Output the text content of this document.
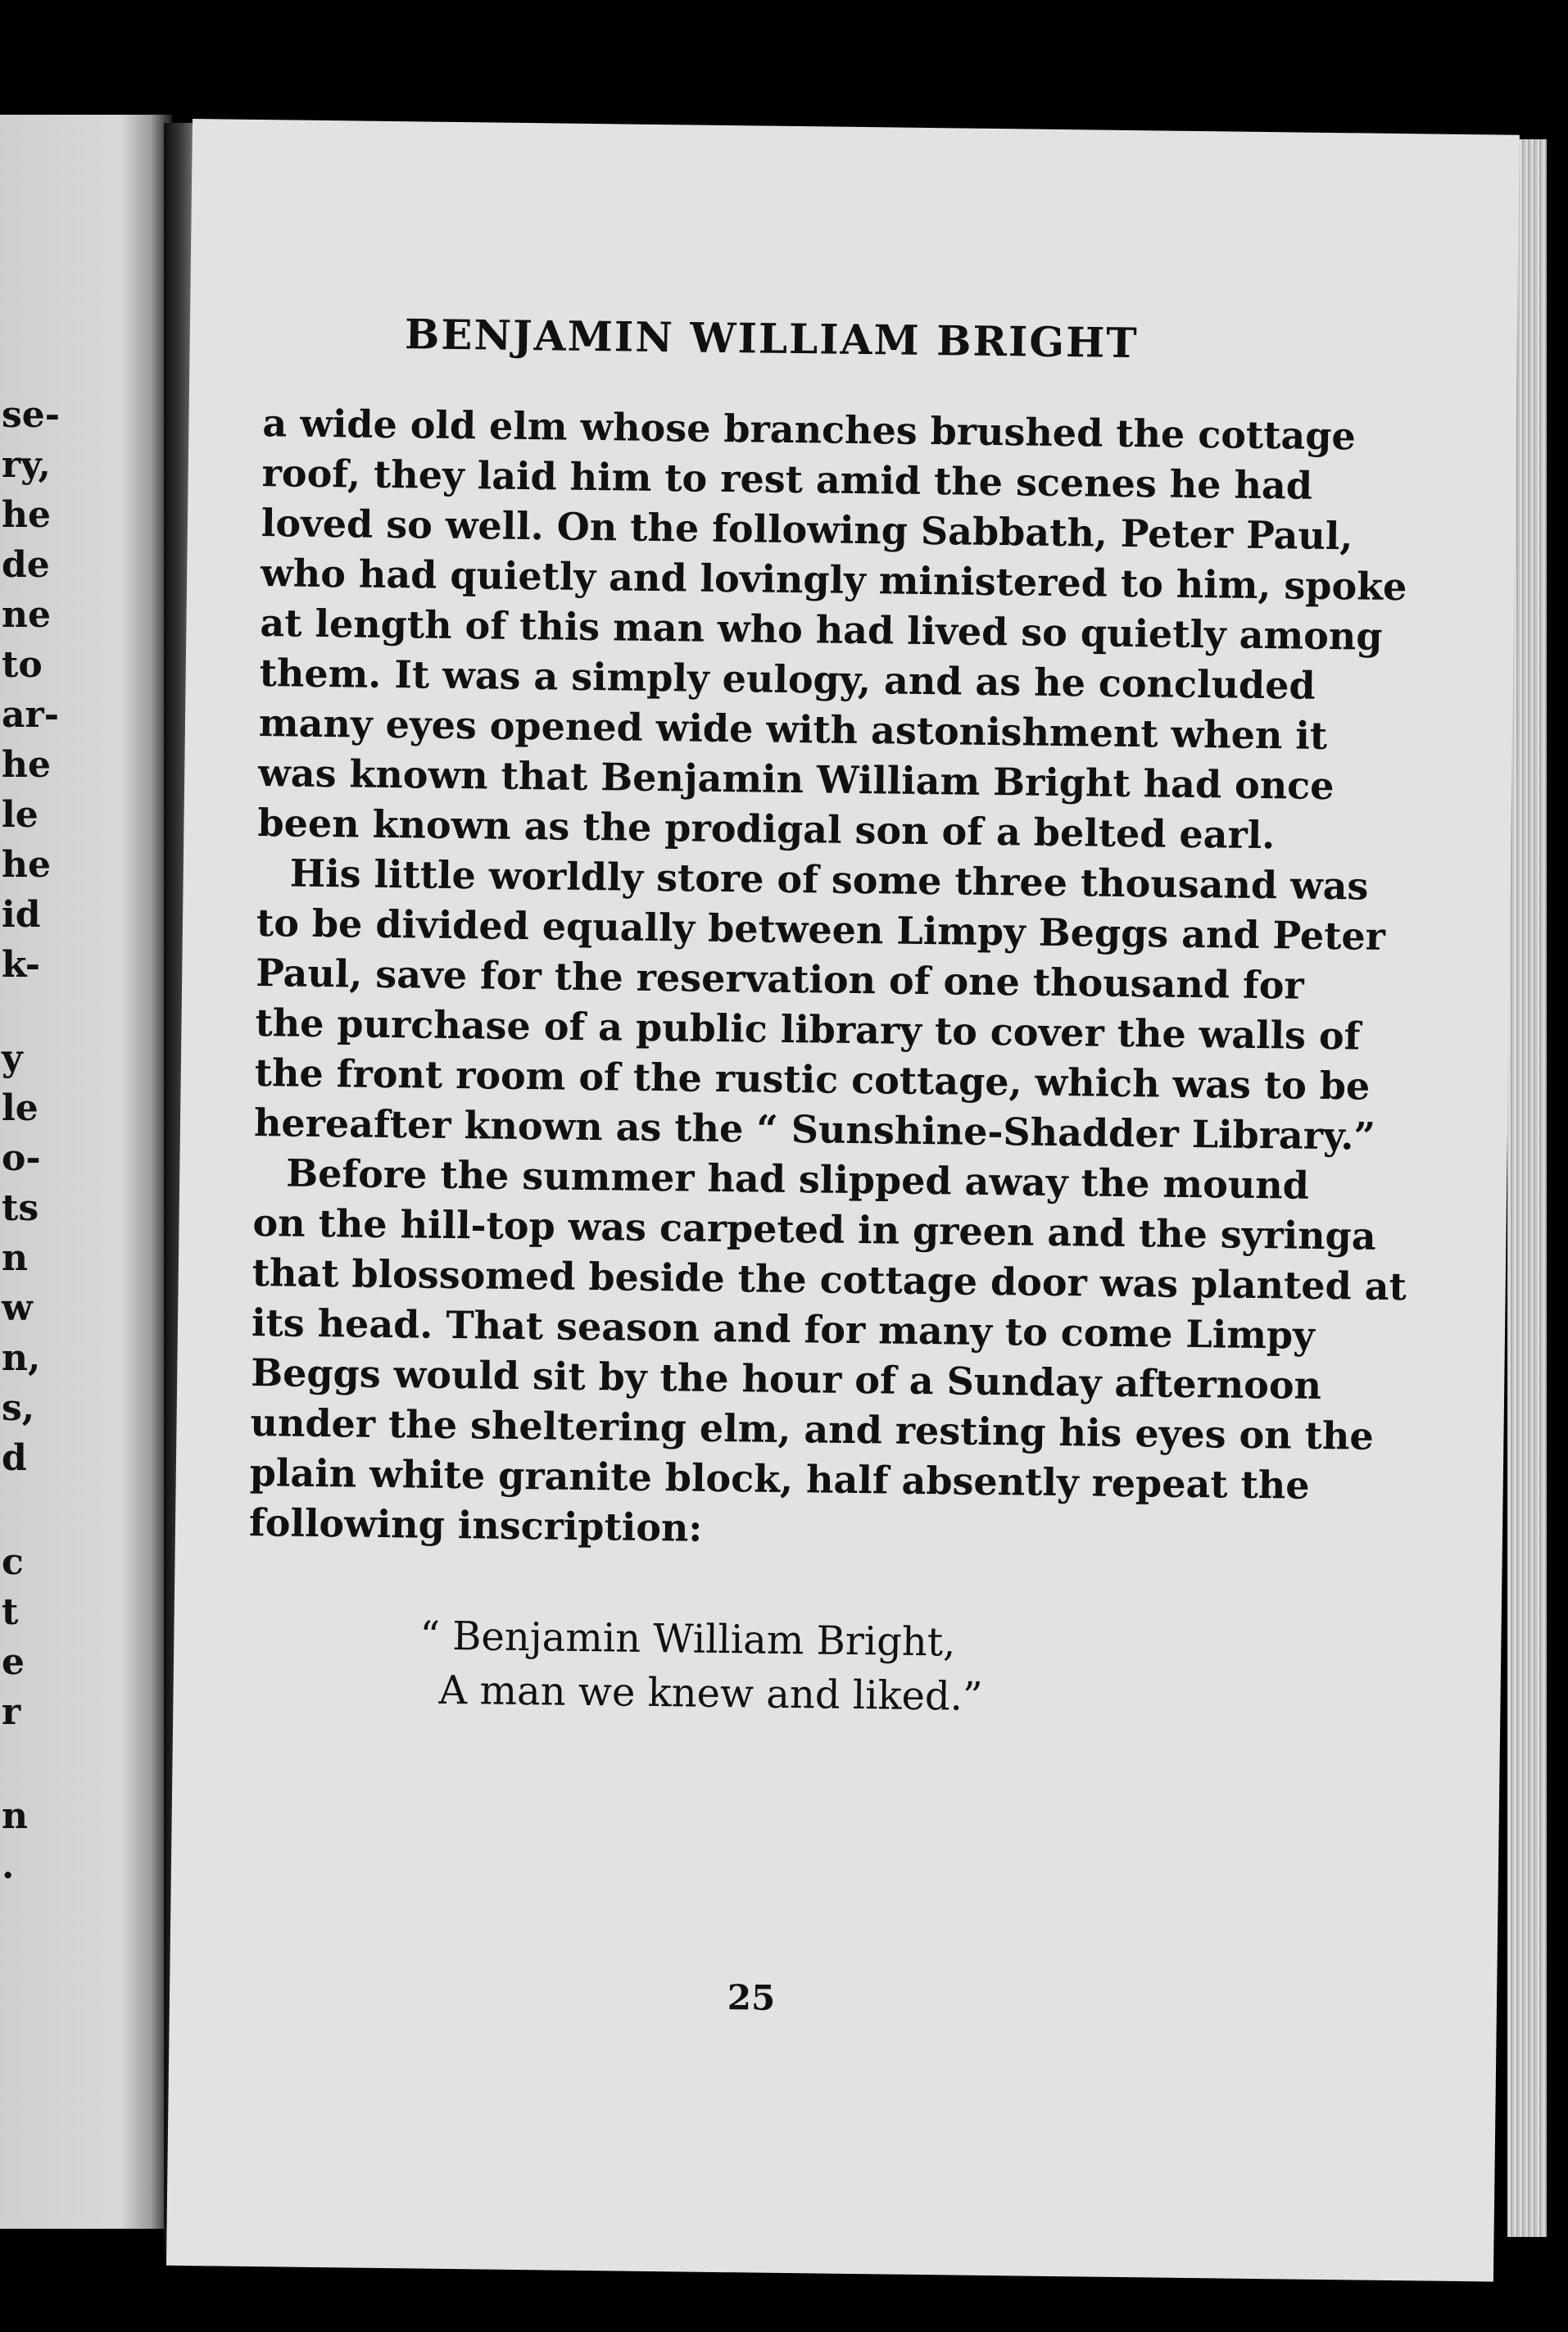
se-
ry,
he
de
ne
to
ar-
he
le
he
id
k-
y
le
o-
ts
n
w
n,
s,
d
c
t
e
r
n
.
BENJAMIN WILLIAM BRIGHT

a wide old elm whose branches brushed the cottage
roof, they laid him to rest amid the scenes he had
loved so well. On the following Sabbath, Peter Paul,
who had quietly and lovingly ministered to him, spoke
at length of this man who had lived so quietly among
them. It was a simply eulogy, and as he concluded
many eyes opened wide with astonishment when it
was known that Benjamin William Bright had once
been known as the prodigal son of a belted earl.

His little worldly store of some three thousand was
to be divided equally between Limpy Beggs and Peter
Paul, save for the reservation of one thousand for
the purchase of a public library to cover the walls of
the front room of the rustic cottage, which was to be
hereafter known as the “ Sunshine-Shadder Library.”

Before the summer had slipped away the mound
on the hill-top was carpeted in green and the syringa
that blossomed beside the cottage door was planted at
its head. That season and for many to come Limpy
Beggs would sit by the hour of a Sunday afternoon
under the sheltering elm, and resting his eyes on the
plain white granite block, half absently repeat the
following inscription:

“ Benjamin William Bright,
A man we knew and liked.”
25
